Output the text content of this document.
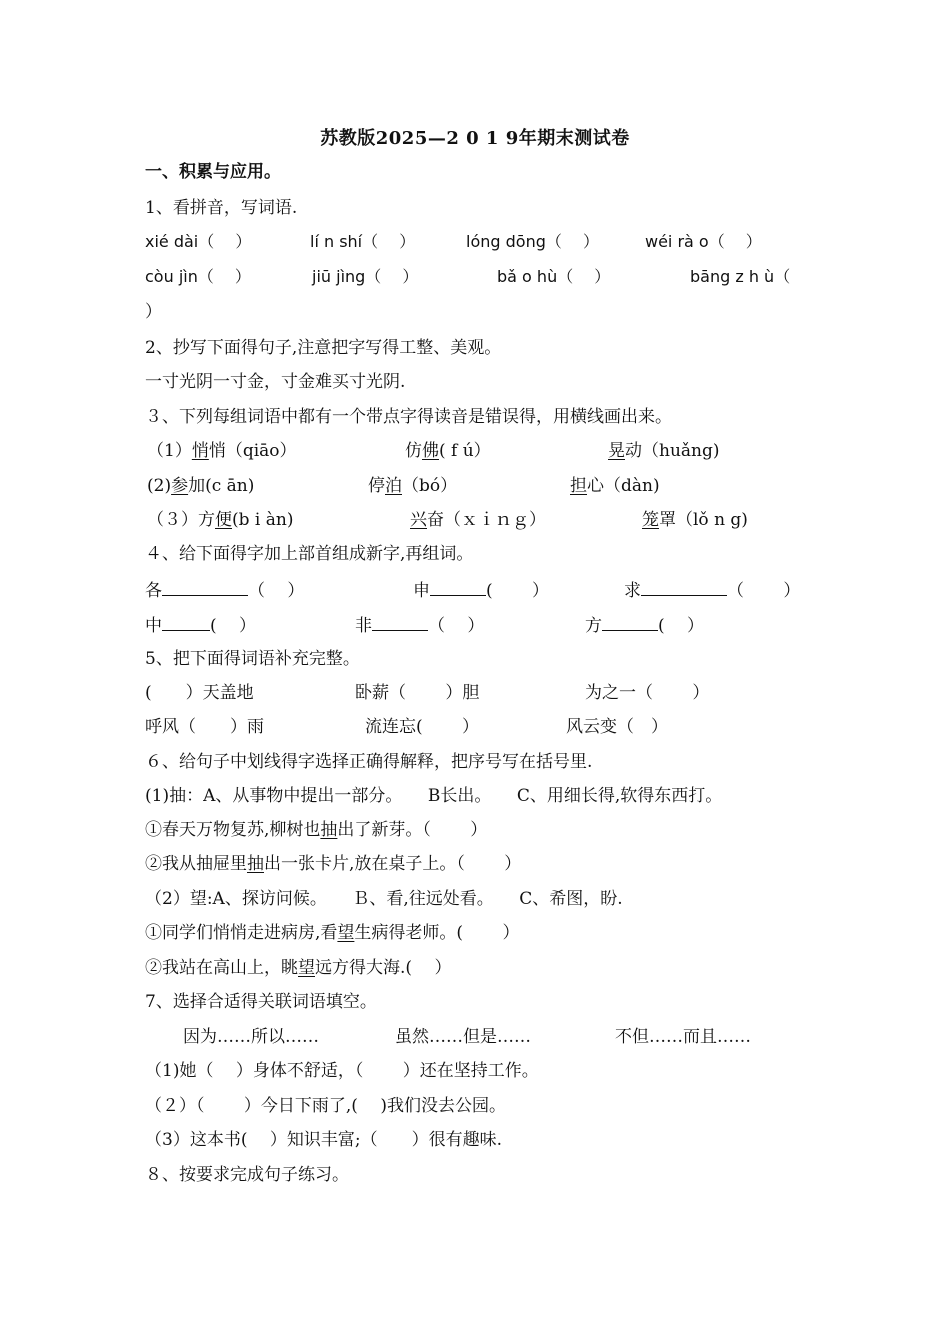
苏教版2025—2 0 1 9年期末测试卷
一、积累与应用。
1、看拼音，写词语.
xié dài（　 ）	lí n shí（　 ）	lóng dōng（　 ）	wéi rà o（　 ）
còu jìn（　 ）	jiū jìng（　 ）	bǎ o hù（　 ）	bāng z h ù（
）
2、抄写下面得句子,注意把字写得工整、美观。
一寸光阴一寸金，寸金难买寸光阴.
３、下列每组词语中都有一个带点字得读音是错误得，用横线画出来。
（1）悄悄（qiāo）	仿佛( f ú）	晃动（huǎng)
(2)参加(c ān)	停泊（bó）	担心（dàn)
（３）方便(b i àn)	兴奋（ｘｉｎｇ）	笼罩（lǒ n g)
４、给下面得字加上部首组成新字,再组词。
各	（　 ）	申	(　　 ）	求	（　　 ）
中	(　 ）	非	（　 ）	方	(　 ）
5、把下面得词语补充完整。
(　　）天盖地	卧薪（　　 ）胆	为之一（　　 ）
呼风（　　）雨	流连忘(　　 ）	风云变（　）
６、给句子中划线得字选择正确得解释，把序号写在括号里.
(1)抽：A、从事物中提出一部分。　　B长出。　　C、用细长得,软得东西打。
①春天万物复苏,柳树也抽出了新芽。（　　 ）
②我从抽屉里抽出一张卡片,放在桌子上。（　　 ）
（2）望:A、探访问候。　　Ｂ、看,往远处看。　　C、希图，盼.
①同学们悄悄走进病房,看望生病得老师。(　　 ）
②我站在高山上，眺望远方得大海.(　 ）
7、选择合适得关联词语填空。
因为……所以……	虽然……但是……	不但……而且……
（1)她（　 ）身体不舒适，（　　 ）还在坚持工作。
（２）（　　 ）今日下雨了,(　 )我们没去公园。
（3）这本书(　 ）知识丰富;（　　）很有趣味.
８、按要求完成句子练习。
